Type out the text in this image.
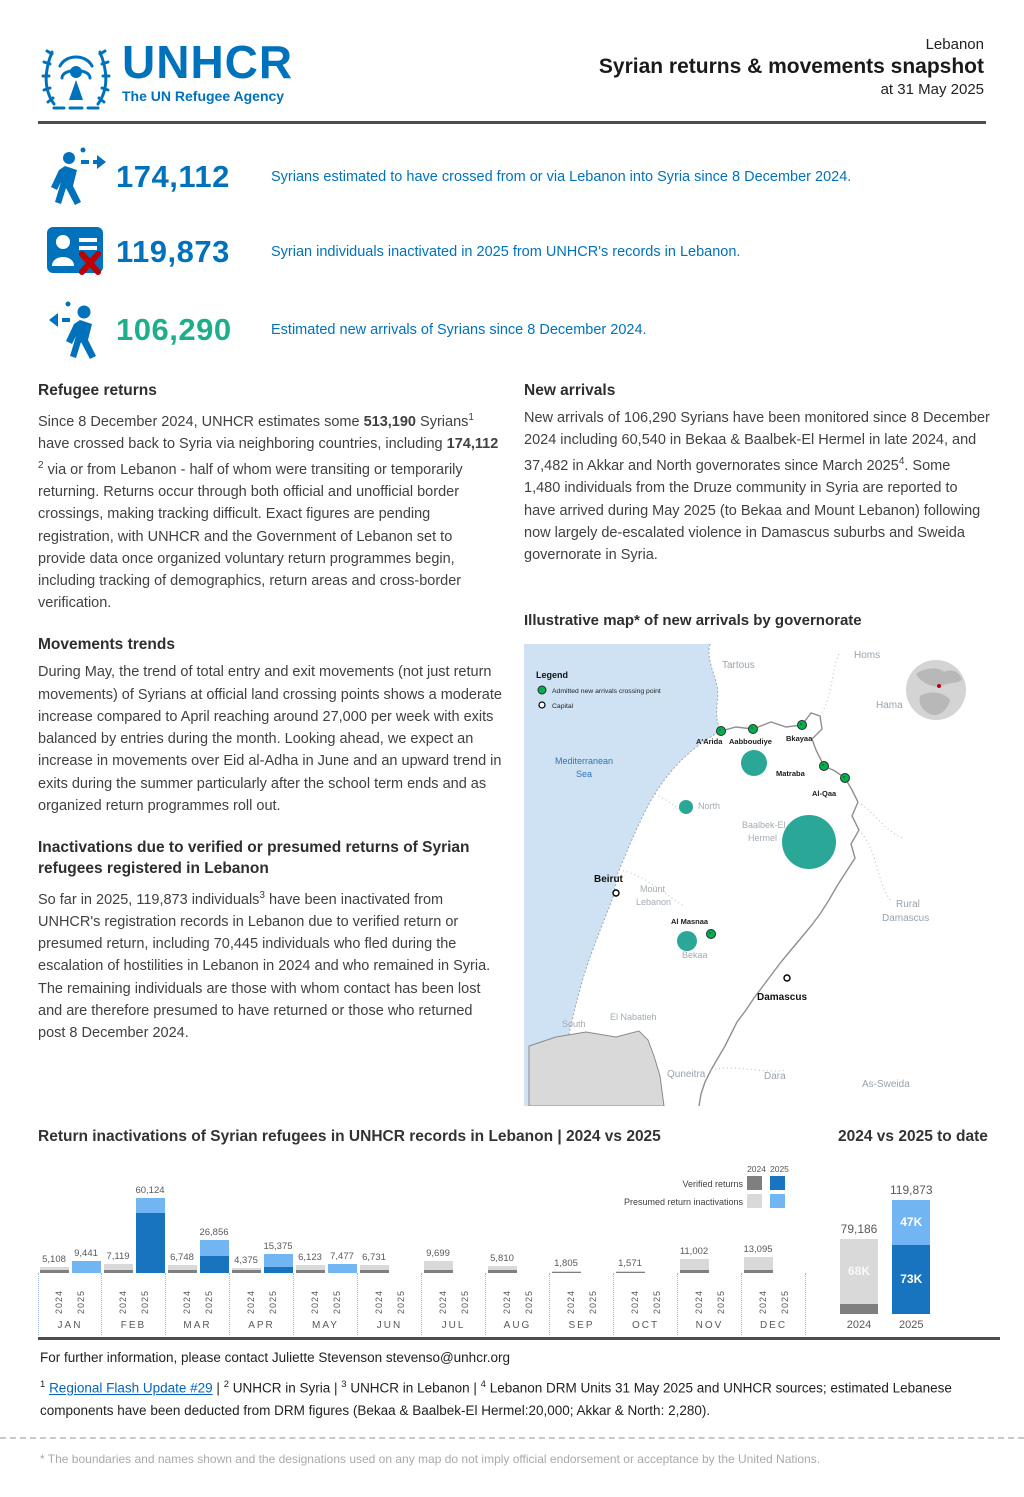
UNHCR
The UN Refugee Agency
Lebanon
Syrian returns & movements snapshot
at 31 May 2025
174,112	Syrians estimated to have crossed from or via Lebanon into Syria since 8 December 2024.
119,873	Syrian individuals inactivated in 2025 from UNHCR's records in Lebanon.
106,290	Estimated new arrivals of Syrians since 8 December 2024.
Refugee returns

Since 8 December 2024, UNHCR estimates some 513,190 Syrians$^1$ have crossed back to Syria via neighboring countries, including 174,112 $^2$ via or from Lebanon - half of whom were transiting or temporarily returning. Returns occur through both official and unofficial border crossings, making tracking difficult. Exact figures are pending registration, with UNHCR and the Government of Lebanon set to provide data once organized voluntary return programmes begin, including tracking of demographics, return areas and cross-border verification.

Movements trends

During May, the trend of total entry and exit movements (not just return movements) of Syrians at official land crossing points shows a moderate increase compared to April reaching around 27,000 per week with exits balanced by entries during the month. Looking ahead, we expect an increase in movements over Eid al-Adha in June and an upward trend in exits during the summer particularly after the school term ends and as organized return programmes roll out.

Inactivations due to verified or presumed returns of Syrian refugees registered in Lebanon

So far in 2025, 119,873 individuals$^3$ have been inactivated from UNHCR's registration records in Lebanon due to verified return or presumed return, including 70,445 individuals who fled during the escalation of hostilities in Lebanon in 2024 and who remained in Syria. The remaining individuals are those with whom contact has been lost and are therefore presumed to have returned or those who returned post 8 December 2024.

New arrivals

New arrivals of 106,290 Syrians have been monitored since 8 December 2024 including 60,540 in Bekaa & Baalbek-El Hermel in late 2024, and 37,482 in Akkar and North governorates since March 2025$^4$. Some 1,480 individuals from the Druze community in Syria are reported to have arrived during May 2025 (to Bekaa and Mount Lebanon) following now largely de-escalated violence in Damascus suburbs and Sweida governorate in Syria.

Illustrative map* of new arrivals by governorate
Tartous
Homs
Hama
North
Baalbek-El
Hermel
Mount
Lebanon
Bekaa
South
El Nabatieh
Rural
Damascus
Quneitra	Dara
As-Sweida
Mediterranean
Sea
A'Arida Aabboudiye Bkayaa
Matraba
Al-Qaa
Al Masnaa
Beirut
Damascus
Legend
Admitted new arrivals crossing point
Capital
Return inactivations of Syrian refugees in UNHCR records in Lebanon | 2024 vs 2025	2024 vs 2025 to date
5,108 9,441
2024 2025
JAN
7,119
60,124
2024 2025
FEB
6,748
26,856
2024 2025
MAR
4,375
15,375
2024 2025
APR
6,123 7,477
2024 2025
MAY
6,731
2024 2025
JUN
9,699
2024 2025
JUL
5,810
2024 2025
AUG
1,805
2024 2025
SEP
1,571
2024 2025
OCT
11,002
2024 2025
NOV
13,095
2024 2025
DEC
	2024	2025
Verified returns		
Presumed return inactivations		
79,186
68K
2024
119,873
47K
73K
2025
For further information, please contact Juliette Stevenson stevenso@unhcr.org
$^1$ Regional Flash Update #29 | $^2$ UNHCR in Syria | $^3$ UNHCR in Lebanon | $^4$ Lebanon DRM Units 31 May 2025 and UNHCR sources; estimated Lebanese components have been deducted from DRM figures (Bekaa & Baalbek-El Hermel:20,000; Akkar & North: 2,280).
* The boundaries and names shown and the designations used on any map do not imply official endorsement or acceptance by the United Nations.
